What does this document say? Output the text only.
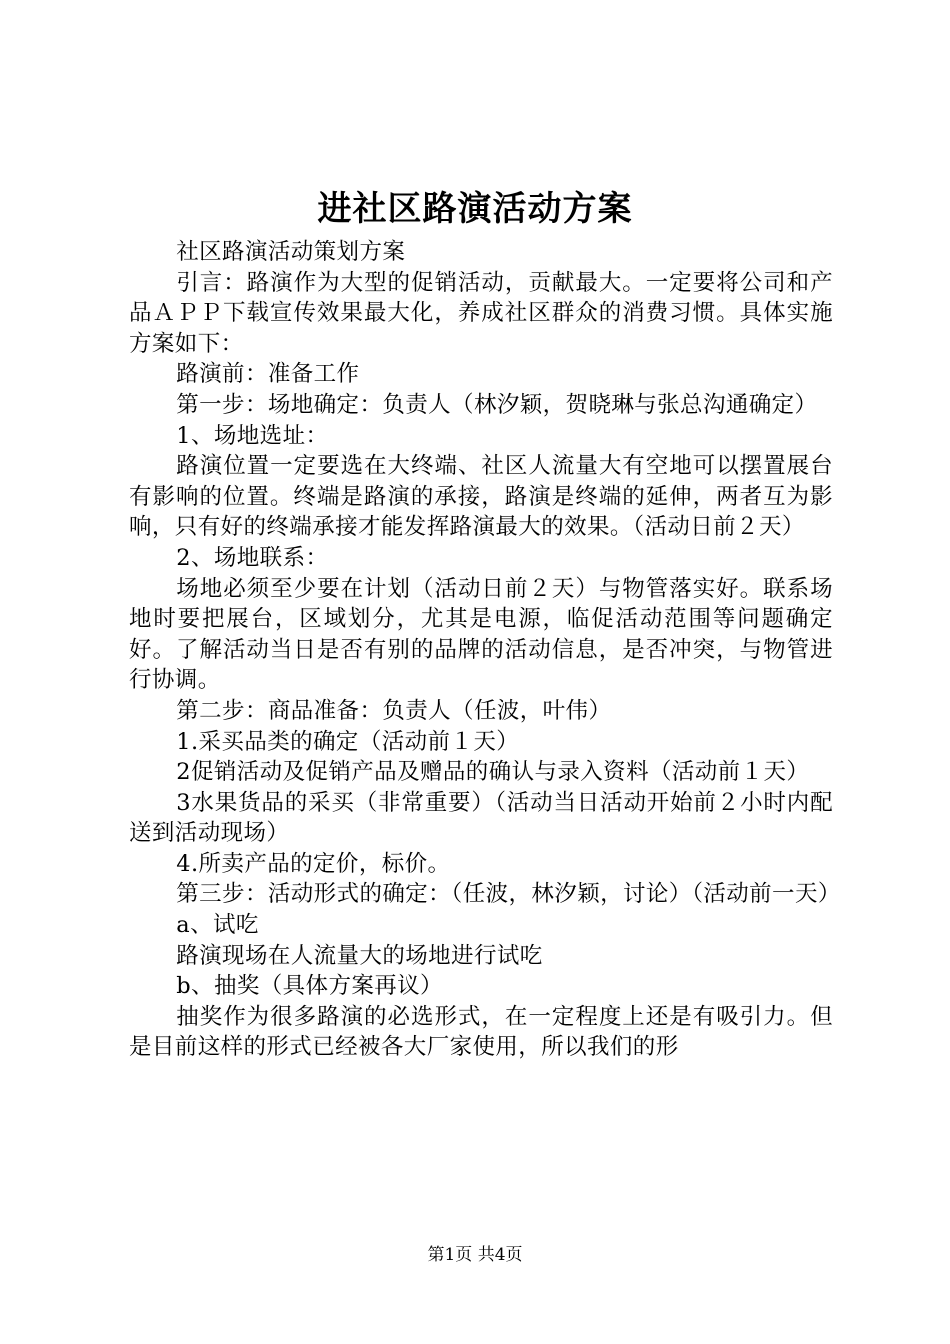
进社区路演活动方案

社区路演活动策划方案

引言：路演作为大型的促销活动，贡献最大。一定要将公司和产品ＡＰＰ下载宣传效果最大化，养成社区群众的消费习惯。具体实施方案如下：

路演前：准备工作

第一步：场地确定：负责人（林汐颖，贺晓琳与张总沟通确定）

1、场地选址：

路演位置一定要选在大终端、社区人流量大有空地可以摆置展台有影响的位置。终端是路演的承接，路演是终端的延伸，两者互为影响，只有好的终端承接才能发挥路演最大的效果。（活动日前２天）

2、场地联系：

场地必须至少要在计划（活动日前２天）与物管落实好。联系场地时要把展台，区域划分，尤其是电源，临促活动范围等问题确定好。了解活动当日是否有别的品牌的活动信息，是否冲突，与物管进行协调。

第二步：商品准备：负责人（任波，叶伟）

1.采买品类的确定（活动前１天）

2促销活动及促销产品及赠品的确认与录入资料（活动前１天）

3水果货品的采买（非常重要）（活动当日活动开始前２小时内配送到活动现场）

4.所卖产品的定价，标价。

第三步：活动形式的确定：（任波，林汐颖，讨论）（活动前一天）

a、试吃

路演现场在人流量大的场地进行试吃

b、抽奖（具体方案再议）

抽奖作为很多路演的必选形式，在一定程度上还是有吸引力。但是目前这样的形式已经被各大厂家使用，所以我们的形

第1页 共4页
